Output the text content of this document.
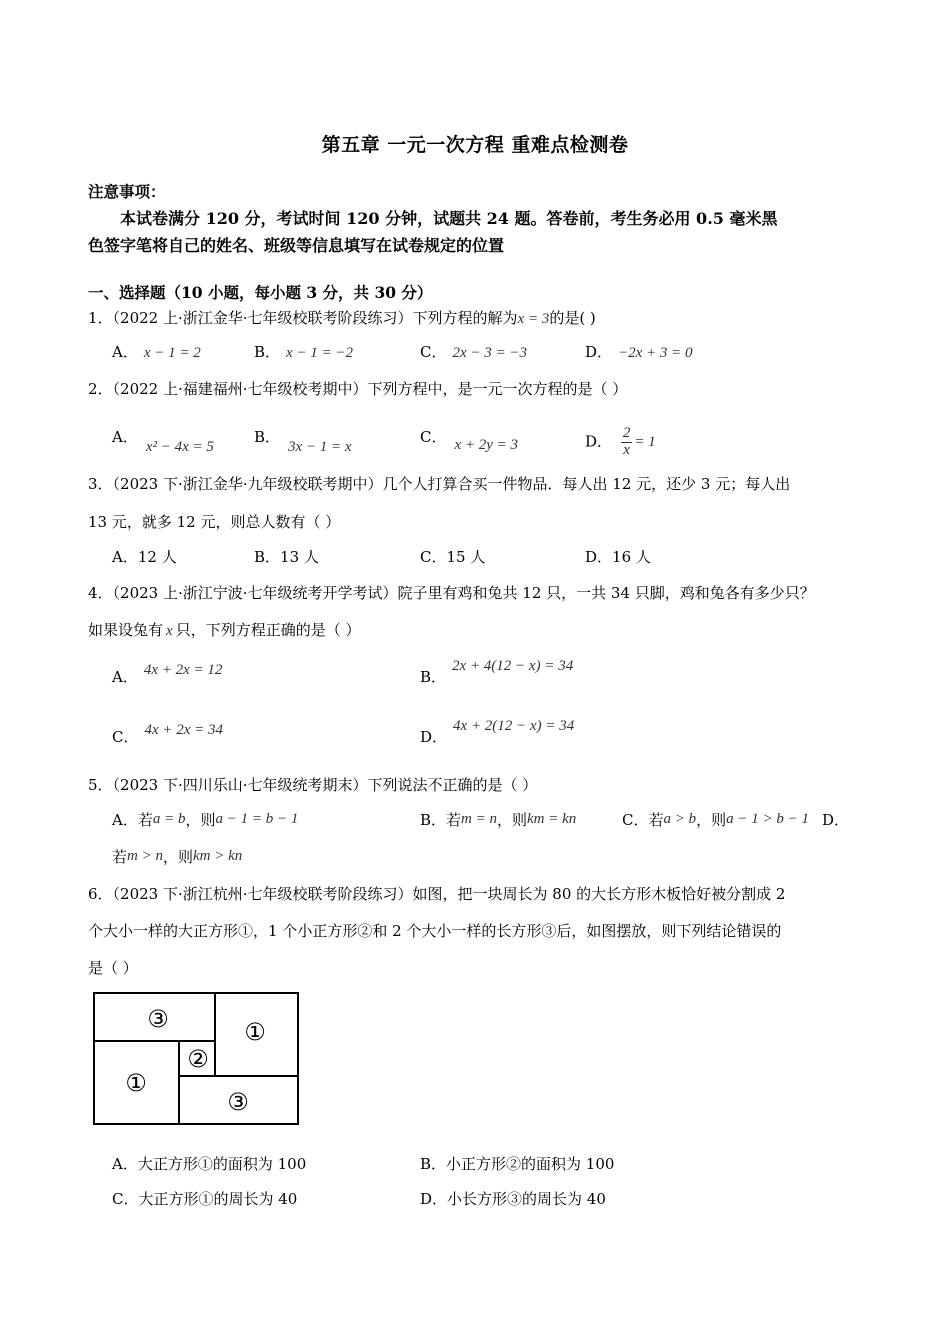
第五章 一元一次方程 重难点检测卷
注意事项：

本试卷满分 120 分，考试时间 120 分钟，试题共 24 题。答卷前，考生务必用 0.5 毫米黑

色签字笔将自己的姓名、班级等信息填写在试卷规定的位置

一、选择题（10 小题，每小题 3 分，共 30 分）
1．（2022 上·浙江金华·七年级校联考阶段练习）下列方程的解为x = 3的是( )
A． x − 1 = 2	B． x − 1 = −2	C． 2x − 3 = −3	D． −2x + 3 = 0
2．（2022 上·福建福州·七年级校考期中）下列方程中，是一元一次方程的是（ ）
A．x² − 4x = 5
B．3x − 1 = x
C． x + 2y = 3	D． $\frac{2}{x} = 1$
3．（2023 下·浙江金华·九年级校联考期中）几个人打算合买一件物品．每人出 12 元，还少 3 元；每人出
13 元，就多 12 元，则总人数有（ ）
A．12 人	B．13 人	C．15 人	D．16 人
4．（2023 上·浙江宁波·七年级统考开学考试）院子里有鸡和兔共 12 只，一共 34 只脚，鸡和兔各有多少只？
如果设兔有 x 只，下列方程正确的是（ ）
A． 4x + 2x = 12	B．2x + 4(12 − x) = 34
C． 4x + 2x = 34	D．4x + 2(12 − x) = 34
5．（2023 下·四川乐山·七年级统考期末）下列说法不正确的是（ ）
A．若a = b，则a − 1 = b − 1	B．若m = n，则km = kn	C．若a > b，则a − 1 > b − 1 D．
若m > n，则km > kn
6．（2023 下·浙江杭州·七年级校联考阶段练习）如图，把一块周长为 80 的大长方形木板恰好被分割成 2
个大小一样的大正方形①，1 个小正方形②和 2 个大小一样的长方形③后，如图摆放，则下列结论错误的
是（ ）
③	①
②
①
③
A．大正方形①的面积为 100	B．小正方形②的面积为 100
C．大正方形①的周长为 40	D．小长方形③的周长为 40
